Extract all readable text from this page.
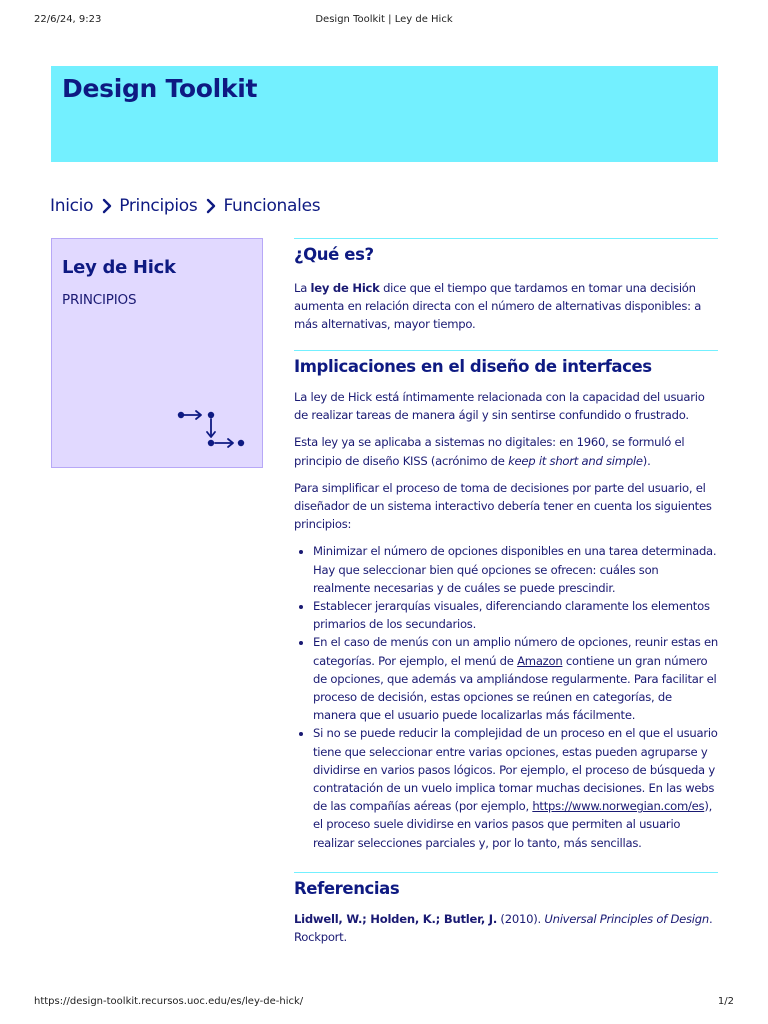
22/6/24, 9:23	Design Toolkit | Ley de Hick
Design Toolkit
Inicio Principios Funcionales
Ley de Hick
PRINCIPIOS
¿Qué es?

La ley de Hick dice que el tiempo que tardamos en tomar una decisión aumenta en relación directa con el número de alternativas disponibles: a más alternativas, mayor tiempo.

Implicaciones en el diseño de interfaces

La ley de Hick está íntimamente relacionada con la capacidad del usuario de realizar tareas de manera ágil y sin sentirse confundido o frustrado.

Esta ley ya se aplicaba a sistemas no digitales: en 1960, se formuló el principio de diseño KISS (acrónimo de keep it short and simple).

Para simplificar el proceso de toma de decisiones por parte del usuario, el diseñador de un sistema interactivo debería tener en cuenta los siguientes principios:

• Minimizar el número de opciones disponibles en una tarea determinada. Hay que seleccionar bien qué opciones se ofrecen: cuáles son realmente necesarias y de cuáles se puede prescindir.
• Establecer jerarquías visuales, diferenciando claramente los elementos primarios de los secundarios.
• En el caso de menús con un amplio número de opciones, reunir estas en categorías. Por ejemplo, el menú de Amazon contiene un gran número de opciones, que además va ampliándose regularmente. Para facilitar el proceso de decisión, estas opciones se reúnen en categorías, de manera que el usuario puede localizarlas más fácilmente.
• Si no se puede reducir la complejidad de un proceso en el que el usuario tiene que seleccionar entre varias opciones, estas pueden agruparse y dividirse en varios pasos lógicos. Por ejemplo, el proceso de búsqueda y contratación de un vuelo implica tomar muchas decisiones. En las webs de las compañías aéreas (por ejemplo, https://www.norwegian.com/es), el proceso suele dividirse en varios pasos que permiten al usuario realizar selecciones parciales y, por lo tanto, más sencillas.
Referencias

Lidwell, W.; Holden, K.; Butler, J. (2010). Universal Principles of Design. Rockport.

https://design-toolkit.recursos.uoc.edu/es/ley-de-hick/	1/2
